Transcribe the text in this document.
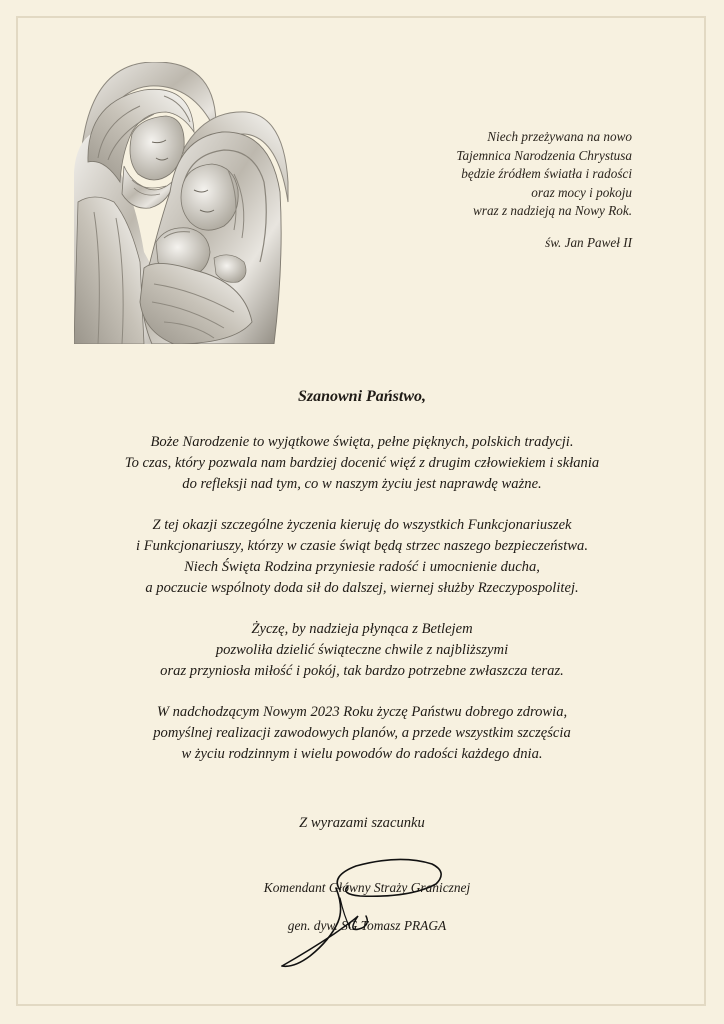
Niech przeżywana na nowo
Tajemnica Narodzenia Chrystusa
będzie źródłem światła i radości
oraz mocy i pokoju
wraz z nadzieją na Nowy Rok.
św. Jan Paweł II
Szanowni Państwo,

Boże Narodzenie to wyjątkowe święta, pełne pięknych, polskich tradycji.
To czas, który pozwala nam bardziej docenić więź z drugim człowiekiem i skłania
do refleksji nad tym, co w naszym życiu jest naprawdę ważne.

Z tej okazji szczególne życzenia kieruję do wszystkich Funkcjonariuszek
i Funkcjonariuszy, którzy w czasie świąt będą strzec naszego bezpieczeństwa.
Niech Święta Rodzina przyniesie radość i umocnienie ducha,
a poczucie wspólnoty doda sił do dalszej, wiernej służby Rzeczypospolitej.

Życzę, by nadzieja płynąca z Betlejem
pozwoliła dzielić świąteczne chwile z najbliższymi
oraz przyniosła miłość i pokój, tak bardzo potrzebne zwłaszcza teraz.

W nadchodzącym Nowym 2023 Roku życzę Państwu dobrego zdrowia,
pomyślnej realizacji zawodowych planów, a przede wszystkim szczęścia
w życiu rodzinnym i wielu powodów do radości każdego dnia.

Z wyrazami szacunku
Komendant Główny Straży Granicznej
gen. dyw. SG Tomasz PRAGA
